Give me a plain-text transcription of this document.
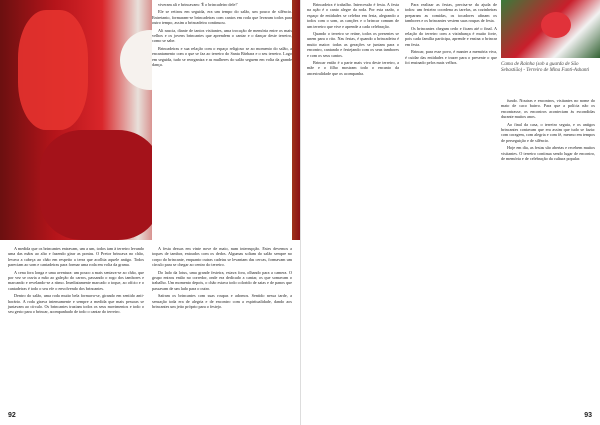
viveram ali e brincavam: 'É o brincadeiro dele!'

Ele se retirou em seguida, era um tempo do salão, um pouco de silêncio. Entretanto, formaram-se brincadeiras com cantos em roda que levaram todos para outro tempo, assim a brincadeira continuou.

Ali nascia, diante de tantos visitantes, uma trocação de memória entre os mais velhos e os jovens brincantes que aprendem o cantar e o dançar deste terreiro, como se sabe.

Brincadeiras e sua relação com o espaço religioso se ao momento do salão, a encantamento com o que se faz ao terreiro do Santa Bárbara e o seu terreiro. Logo em seguida, tudo se reorganiza e as mulheres do salão seguem em volta da grande dança.

A medida que os brincantes entravam, um a um, todos iam à terreiro levando uma das mãos ao alto e fazendo girar as pontas. O Pretor brincava no chão, levava a cabeça ao chão em respeito a terra que acolhia aquele antigo. Todos pareciam ao som e cantadeiras para formar uma roda em volta da grama.

A cena fora longa e uma aventura: um pouco a mais sentava-se ao chão, que por vez se ouvia a mão ao galeção do carros, passando o rogo dos tambores e marcando e revelando-se a ritmo. Imediatamente marcado o toque, ao ofício e o cantadeiras é todo o seu efe o envolvendo dos brincantes.

Dentro do salão, uma roda muito bela formava-se, girando em sentido anti-horário. A roda girava intensamente e sempre a medida que mais pessoas se juntavam ao círculo. Os brincantes traziam todos os seus movimentos e todo o seu gesto para o brincar, acompanhado de todo o cantar do terreiro.

A festa dessas em vinte nove de maio, num interrupção. Estes devemos a toques de tambor, entoados com os dedos. Algumas soltam do salão sempre no corpo do brincante, enquanto outras cadeias se levantam das cercas, formavam um círculo para se chegar ao centro do terreiro.

Do lado da lotus, uma grande festeira, estava fora, olhando para a camera. O grupo entrou então no corredor, onde era dedicado a cantar, os que somavam o trabalho. Um momento depois, o chão estava todo colorido de saias e de panos que passavam de um lado para o outro.

Saíram os brincantes com suas roupas e adornos. Sentido nessa tarde, a sensação toda era de alegria e de encontro com a espiritualidade, dando aos brincantes um jeito próprio para o festejo.

92

Brincadeira é trabalho. Intercessão é festa. A festa na ação é o canto alegre da roda. Por esta razão, o espaço de entidades se celebra em festa, alegrando a todos com o som, as canções e o brincar comum de um terreiro que vive e aprende a cada celebração.

Quando o terreiro se reúne, todos os presentes se unem para o rito. Nas festas, é quando a brincadeira é muito maior: todas as gerações se juntam para o encontro, cantando e festejando com os seus tambores e com os seus cantos.

Brincar então é a parte mais viva deste terreiro, a mãe e o filho mostram todo o encanto da ancestralidade que os acompanha.

Para realizar as festas, precisa-se da ajuda de todos: um festeiro coordena as tarefas, as cozinheiras preparam as comidas, os tocadores afinam os tambores e os brincantes vestem suas roupas de festa.

Os brincantes chegam cedo e ficam até o final. A relação do terreiro com a vizinhança é muito forte, pois cada família participa, aprende e ensina o brincar em festa.

Brincar, para esse povo, é manter a memória viva, é cuidar das entidades e trazer para o presente o que foi ensinado pelos mais velhos.	Cama de Rainha (sob a guarda de São Sebastião) - Terreiro de Mina Fanti-Ashanti

fundo. Noutras e encontros, visitantes no nome do mato de caco bairro. Para que a polícia não os encontrasse, os encontros aconteciam às escondidas durante muitos anos.

Ao final da casa, o terreiro seguia, e os antigos brincantes contavam que era assim que tudo se fazia: com coragem, com alegria e com fé, mesmo em tempos de perseguição e de silêncio.

Hoje em dia, as festas são abertas e recebem muitos visitantes. O terreiro continua sendo lugar de encontro, de memória e de celebração da cultura popular.

93
